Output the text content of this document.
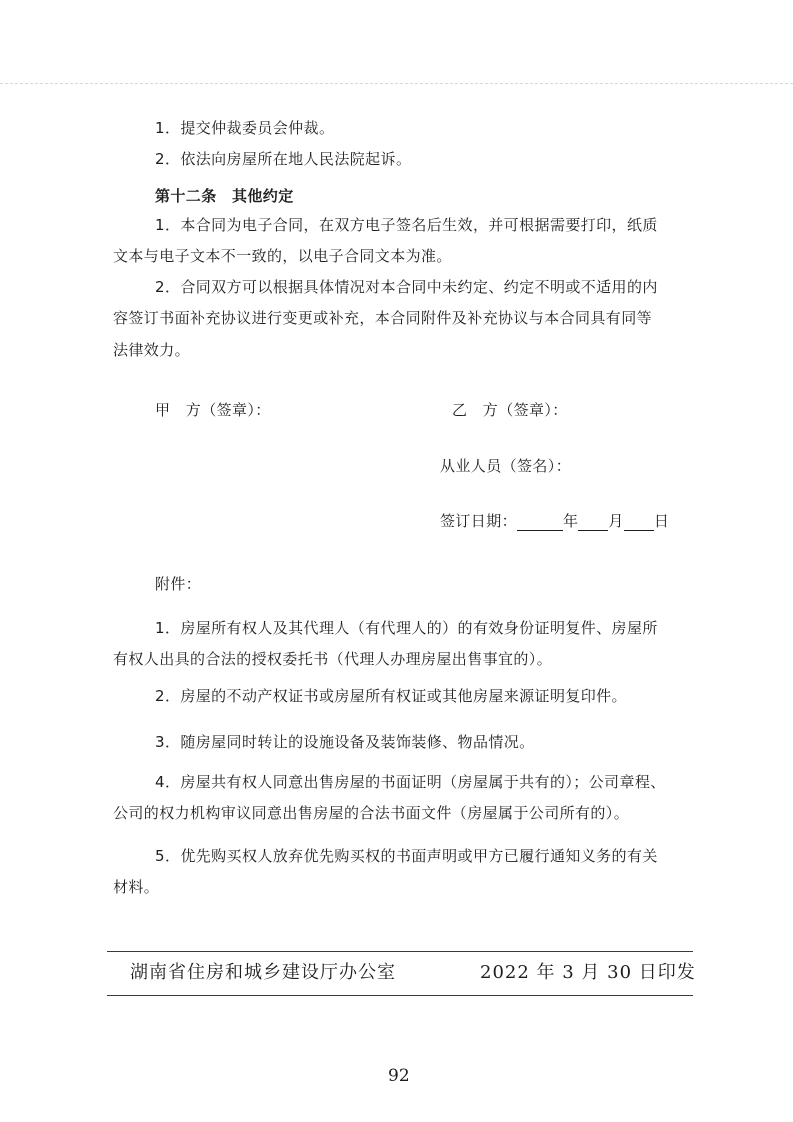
1．提交仲裁委员会仲裁。
2．依法向房屋所在地人民法院起诉。
第十二条　其他约定
1．本合同为电子合同，在双方电子签名后生效，并可根据需要打印，纸质
文本与电子文本不一致的，以电子合同文本为准。
2．合同双方可以根据具体情况对本合同中未约定、约定不明或不适用的内
容签订书面补充协议进行变更或补充，本合同附件及补充协议与本合同具有同等
法律效力。
甲　方（签章）：	乙　方（签章）：
从业人员（签名）：
签订日期：	年 月 日
附件：
1．房屋所有权人及其代理人（有代理人的）的有效身份证明复件、房屋所
有权人出具的合法的授权委托书（代理人办理房屋出售事宜的）。
2．房屋的不动产权证书或房屋所有权证或其他房屋来源证明复印件。
3．随房屋同时转让的设施设备及装饰装修、物品情况。
4．房屋共有权人同意出售房屋的书面证明（房屋属于共有的）；公司章程、
公司的权力机构审议同意出售房屋的合法书面文件（房屋属于公司所有的）。
5．优先购买权人放弃优先购买权的书面声明或甲方已履行通知义务的有关
材料。
湖南省住房和城乡建设厅办公室	2022 年 3 月 30 日印发
92
